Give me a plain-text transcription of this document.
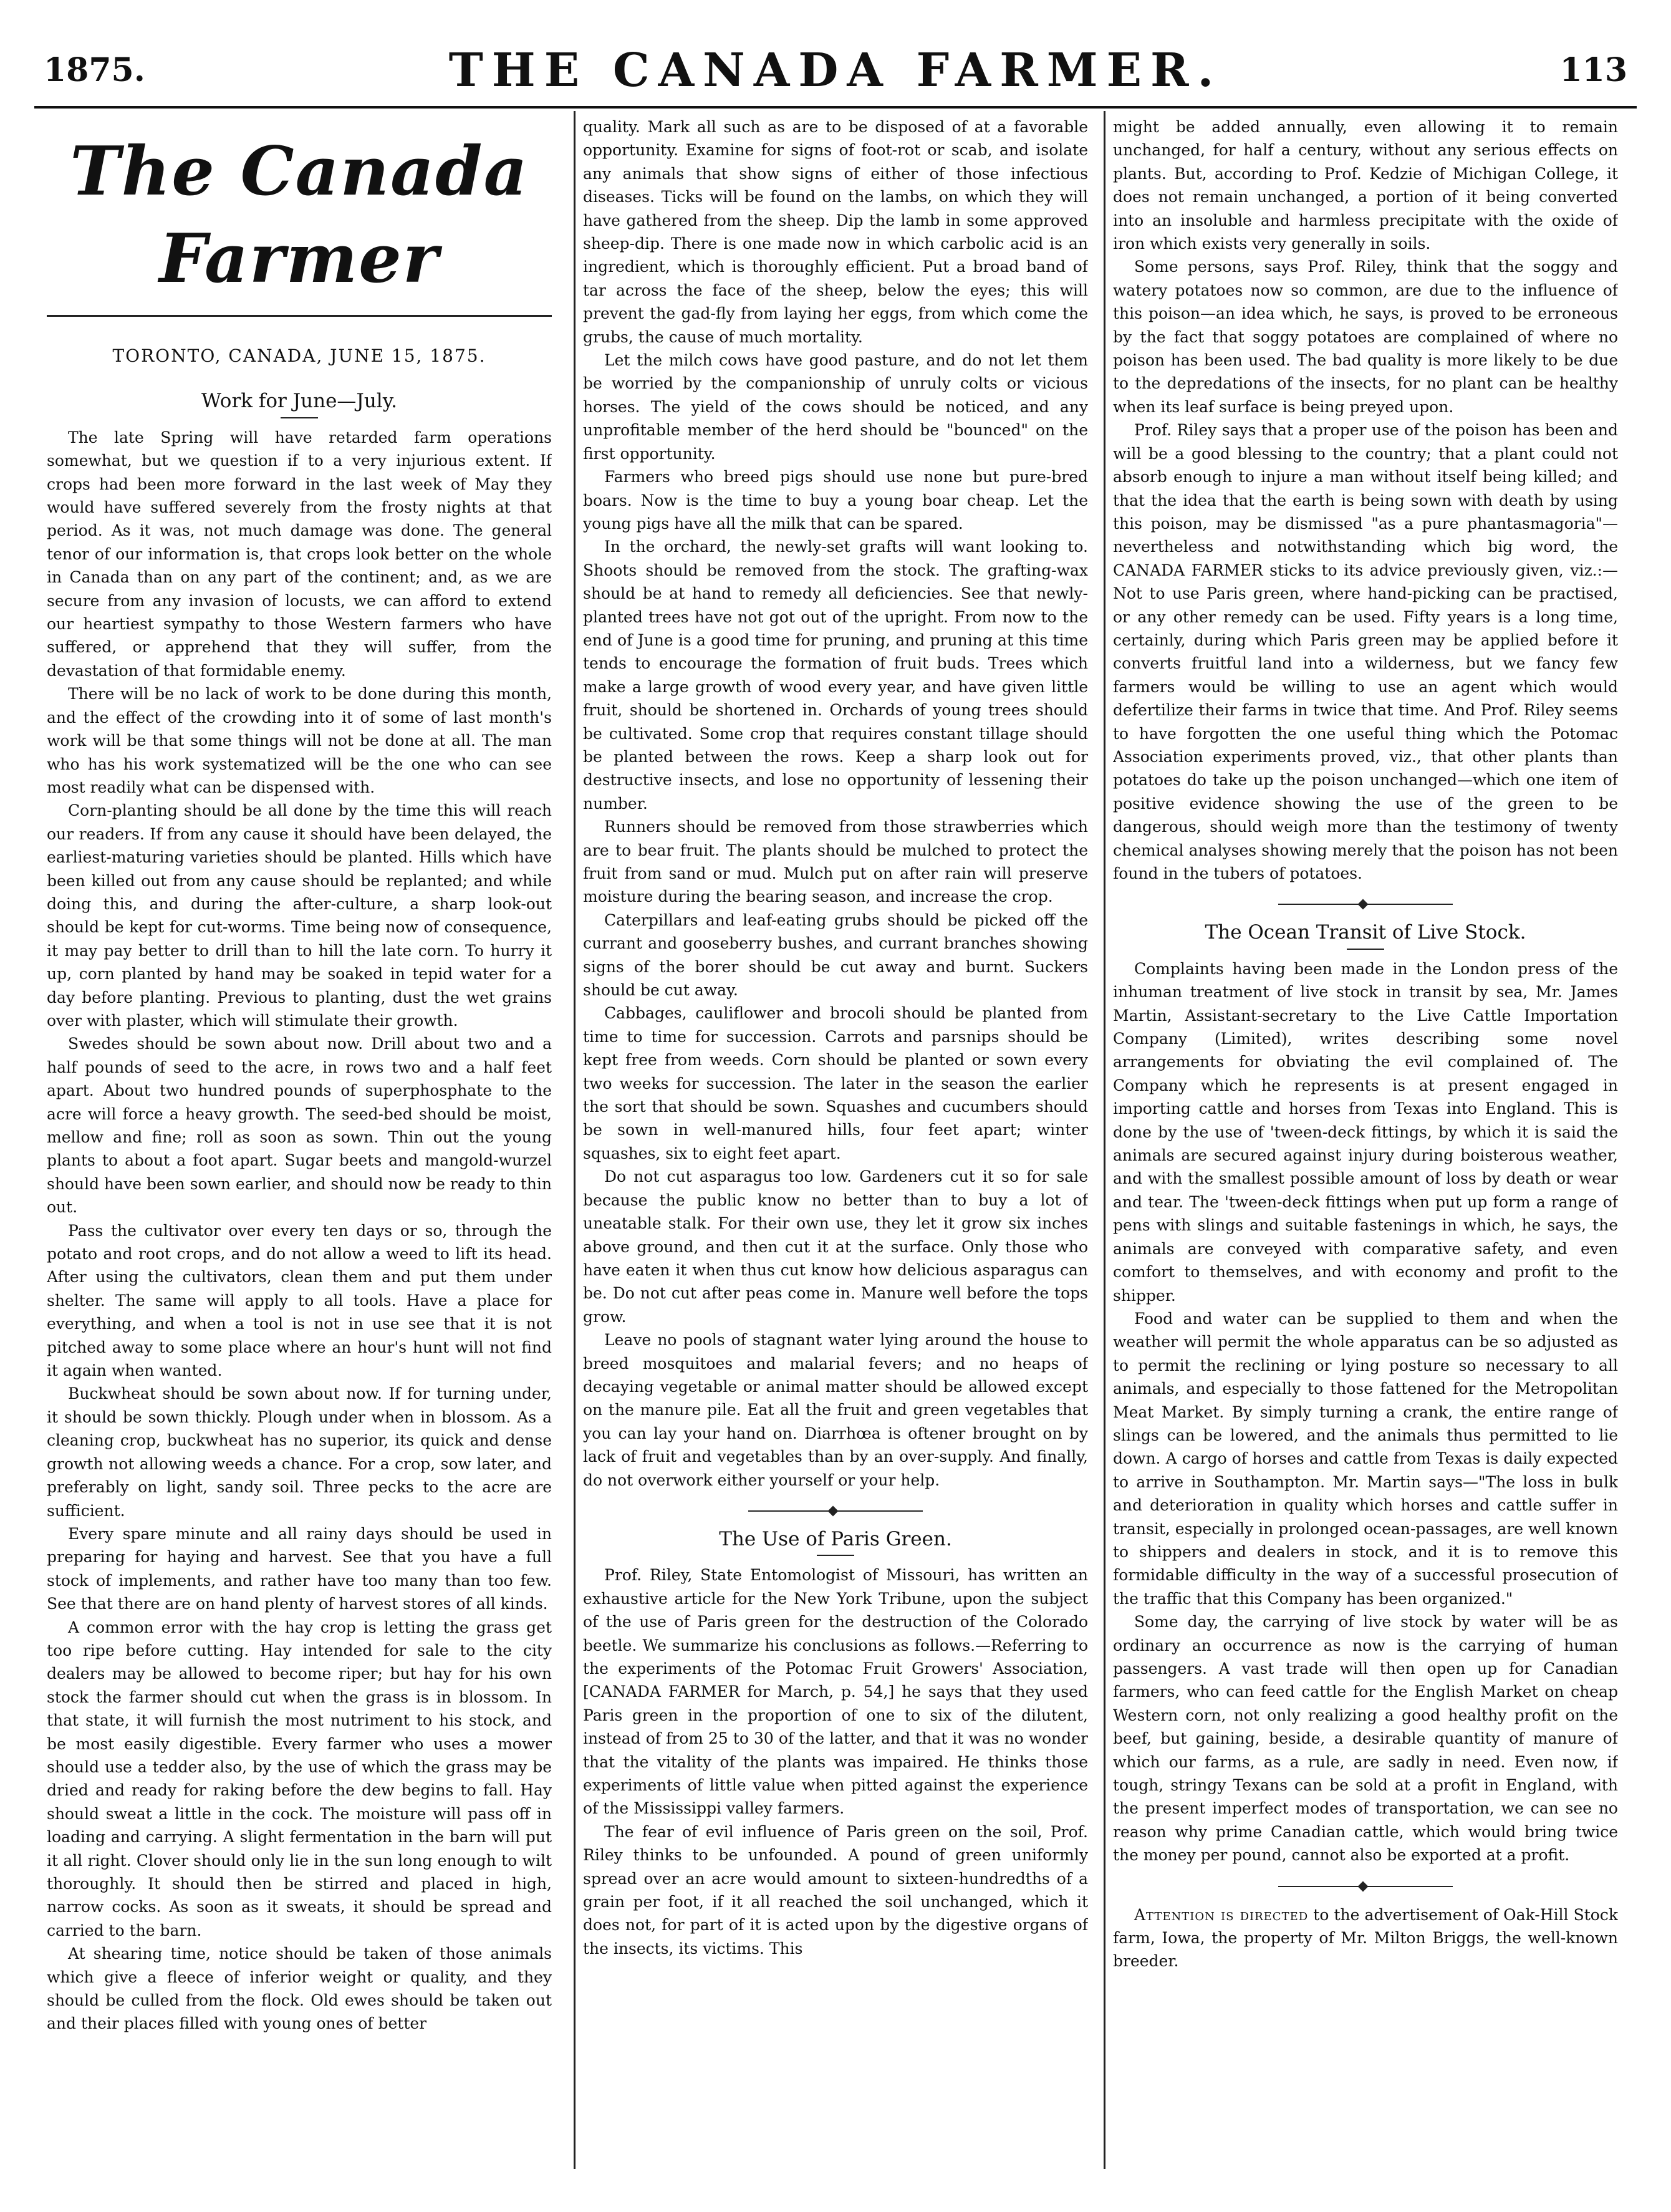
1875.	THE CANADA FARMER.	113
The Canada Farmer
TORONTO, CANADA, JUNE 15, 1875.
Work for June—July.

The late Spring will have retarded farm operations somewhat, but we question if to a very injurious extent. If crops had been more forward in the last week of May they would have suffered severely from the frosty nights at that period. As it was, not much damage was done. The general tenor of our information is, that crops look better on the whole in Canada than on any part of the continent; and, as we are secure from any invasion of locusts, we can afford to extend our heartiest sympathy to those Western farmers who have suffered, or apprehend that they will suffer, from the devastation of that formidable enemy.

There will be no lack of work to be done during this month, and the effect of the crowding into it of some of last month's work will be that some things will not be done at all. The man who has his work systematized will be the one who can see most readily what can be dispensed with.

Corn-planting should be all done by the time this will reach our readers. If from any cause it should have been delayed, the earliest-maturing varieties should be planted. Hills which have been killed out from any cause should be replanted; and while doing this, and during the after-culture, a sharp look-out should be kept for cut-worms. Time being now of consequence, it may pay better to drill than to hill the late corn. To hurry it up, corn planted by hand may be soaked in tepid water for a day before planting. Previous to planting, dust the wet grains over with plaster, which will stimulate their growth.

Swedes should be sown about now. Drill about two and a half pounds of seed to the acre, in rows two and a half feet apart. About two hundred pounds of superphosphate to the acre will force a heavy growth. The seed-bed should be moist, mellow and fine; roll as soon as sown. Thin out the young plants to about a foot apart. Sugar beets and mangold-wurzel should have been sown earlier, and should now be ready to thin out.

Pass the cultivator over every ten days or so, through the potato and root crops, and do not allow a weed to lift its head. After using the cultivators, clean them and put them under shelter. The same will apply to all tools. Have a place for everything, and when a tool is not in use see that it is not pitched away to some place where an hour's hunt will not find it again when wanted.

Buckwheat should be sown about now. If for turning under, it should be sown thickly. Plough under when in blossom. As a cleaning crop, buckwheat has no superior, its quick and dense growth not allowing weeds a chance. For a crop, sow later, and preferably on light, sandy soil. Three pecks to the acre are sufficient.

Every spare minute and all rainy days should be used in preparing for haying and harvest. See that you have a full stock of implements, and rather have too many than too few. See that there are on hand plenty of harvest stores of all kinds.

A common error with the hay crop is letting the grass get too ripe before cutting. Hay intended for sale to the city dealers may be allowed to become riper; but hay for his own stock the farmer should cut when the grass is in blossom. In that state, it will furnish the most nutriment to his stock, and be most easily digestible. Every farmer who uses a mower should use a tedder also, by the use of which the grass may be dried and ready for raking before the dew begins to fall. Hay should sweat a little in the cock. The moisture will pass off in loading and carrying. A slight fermentation in the barn will put it all right. Clover should only lie in the sun long enough to wilt thoroughly. It should then be stirred and placed in high, narrow cocks. As soon as it sweats, it should be spread and carried to the barn.

At shearing time, notice should be taken of those animals which give a fleece of inferior weight or quality, and they should be culled from the flock. Old ewes should be taken out and their places filled with young ones of better

quality. Mark all such as are to be disposed of at a favorable opportunity. Examine for signs of foot-rot or scab, and isolate any animals that show signs of either of those infectious diseases. Ticks will be found on the lambs, on which they will have gathered from the sheep. Dip the lamb in some approved sheep-dip. There is one made now in which carbolic acid is an ingredient, which is thoroughly efficient. Put a broad band of tar across the face of the sheep, below the eyes; this will prevent the gad-fly from laying her eggs, from which come the grubs, the cause of much mortality.

Let the milch cows have good pasture, and do not let them be worried by the companionship of unruly colts or vicious horses. The yield of the cows should be noticed, and any unprofitable member of the herd should be "bounced" on the first opportunity.

Farmers who breed pigs should use none but pure-bred boars. Now is the time to buy a young boar cheap. Let the young pigs have all the milk that can be spared.

In the orchard, the newly-set grafts will want looking to. Shoots should be removed from the stock. The grafting-wax should be at hand to remedy all deficiencies. See that newly-planted trees have not got out of the upright. From now to the end of June is a good time for pruning, and pruning at this time tends to encourage the formation of fruit buds. Trees which make a large growth of wood every year, and have given little fruit, should be shortened in. Orchards of young trees should be cultivated. Some crop that requires constant tillage should be planted between the rows. Keep a sharp look out for destructive insects, and lose no opportunity of lessening their number.

Runners should be removed from those strawberries which are to bear fruit. The plants should be mulched to protect the fruit from sand or mud. Mulch put on after rain will preserve moisture during the bearing season, and increase the crop.

Caterpillars and leaf-eating grubs should be picked off the currant and gooseberry bushes, and currant branches showing signs of the borer should be cut away and burnt. Suckers should be cut away.

Cabbages, cauliflower and brocoli should be planted from time to time for succession. Carrots and parsnips should be kept free from weeds. Corn should be planted or sown every two weeks for succession. The later in the season the earlier the sort that should be sown. Squashes and cucumbers should be sown in well-manured hills, four feet apart; winter squashes, six to eight feet apart.

Do not cut asparagus too low. Gardeners cut it so for sale because the public know no better than to buy a lot of uneatable stalk. For their own use, they let it grow six inches above ground, and then cut it at the surface. Only those who have eaten it when thus cut know how delicious asparagus can be. Do not cut after peas come in. Manure well before the tops grow.

Leave no pools of stagnant water lying around the house to breed mosquitoes and malarial fevers; and no heaps of decaying vegetable or animal matter should be allowed except on the manure pile. Eat all the fruit and green vegetables that you can lay your hand on. Diarrhœa is oftener brought on by lack of fruit and vegetables than by an over-supply. And finally, do not overwork either yourself or your help.

The Use of Paris Green.

Prof. Riley, State Entomologist of Missouri, has written an exhaustive article for the New York Tribune, upon the subject of the use of Paris green for the destruction of the Colorado beetle. We summarize his conclusions as follows.—Referring to the experiments of the Potomac Fruit Growers' Association, [CANADA FARMER for March, p. 54,] he says that they used Paris green in the proportion of one to six of the dilutent, instead of from 25 to 30 of the latter, and that it was no wonder that the vitality of the plants was impaired. He thinks those experiments of little value when pitted against the experience of the Mississippi valley farmers.

The fear of evil influence of Paris green on the soil, Prof. Riley thinks to be unfounded. A pound of green uniformly spread over an acre would amount to sixteen-hundredths of a grain per foot, if it all reached the soil unchanged, which it does not, for part of it is acted upon by the digestive organs of the insects, its victims. This

might be added annually, even allowing it to remain unchanged, for half a century, without any serious effects on plants. But, according to Prof. Kedzie of Michigan College, it does not remain unchanged, a portion of it being converted into an insoluble and harmless precipitate with the oxide of iron which exists very generally in soils.

Some persons, says Prof. Riley, think that the soggy and watery potatoes now so common, are due to the influence of this poison—an idea which, he says, is proved to be erroneous by the fact that soggy potatoes are complained of where no poison has been used. The bad quality is more likely to be due to the depredations of the insects, for no plant can be healthy when its leaf surface is being preyed upon.

Prof. Riley says that a proper use of the poison has been and will be a good blessing to the country; that a plant could not absorb enough to injure a man without itself being killed; and that the idea that the earth is being sown with death by using this poison, may be dismissed "as a pure phantasmagoria"—nevertheless and notwithstanding which big word, the CANADA FARMER sticks to its advice previously given, viz.:—Not to use Paris green, where hand-picking can be practised, or any other remedy can be used. Fifty years is a long time, certainly, during which Paris green may be applied before it converts fruitful land into a wilderness, but we fancy few farmers would be willing to use an agent which would defertilize their farms in twice that time. And Prof. Riley seems to have forgotten the one useful thing which the Potomac Association experiments proved, viz., that other plants than potatoes do take up the poison unchanged—which one item of positive evidence showing the use of the green to be dangerous, should weigh more than the testimony of twenty chemical analyses showing merely that the poison has not been found in the tubers of potatoes.

The Ocean Transit of Live Stock.

Complaints having been made in the London press of the inhuman treatment of live stock in transit by sea, Mr. James Martin, Assistant-secretary to the Live Cattle Importation Company (Limited), writes describing some novel arrangements for obviating the evil complained of. The Company which he represents is at present engaged in importing cattle and horses from Texas into England. This is done by the use of 'tween-deck fittings, by which it is said the animals are secured against injury during boisterous weather, and with the smallest possible amount of loss by death or wear and tear. The 'tween-deck fittings when put up form a range of pens with slings and suitable fastenings in which, he says, the animals are conveyed with comparative safety, and even comfort to themselves, and with economy and profit to the shipper.

Food and water can be supplied to them and when the weather will permit the whole apparatus can be so adjusted as to permit the reclining or lying posture so necessary to all animals, and especially to those fattened for the Metropolitan Meat Market. By simply turning a crank, the entire range of slings can be lowered, and the animals thus permitted to lie down. A cargo of horses and cattle from Texas is daily expected to arrive in Southampton. Mr. Martin says—"The loss in bulk and deterioration in quality which horses and cattle suffer in transit, especially in prolonged ocean-passages, are well known to shippers and dealers in stock, and it is to remove this formidable difficulty in the way of a successful prosecution of the traffic that this Company has been organized."

Some day, the carrying of live stock by water will be as ordinary an occurrence as now is the carrying of human passengers. A vast trade will then open up for Canadian farmers, who can feed cattle for the English Market on cheap Western corn, not only realizing a good healthy profit on the beef, but gaining, beside, a desirable quantity of manure of which our farms, as a rule, are sadly in need. Even now, if tough, stringy Texans can be sold at a profit in England, with the present imperfect modes of transportation, we can see no reason why prime Canadian cattle, which would bring twice the money per pound, cannot also be exported at a profit.

Attention is directed to the advertisement of Oak-Hill Stock farm, Iowa, the property of Mr. Milton Briggs, the well-known breeder.
